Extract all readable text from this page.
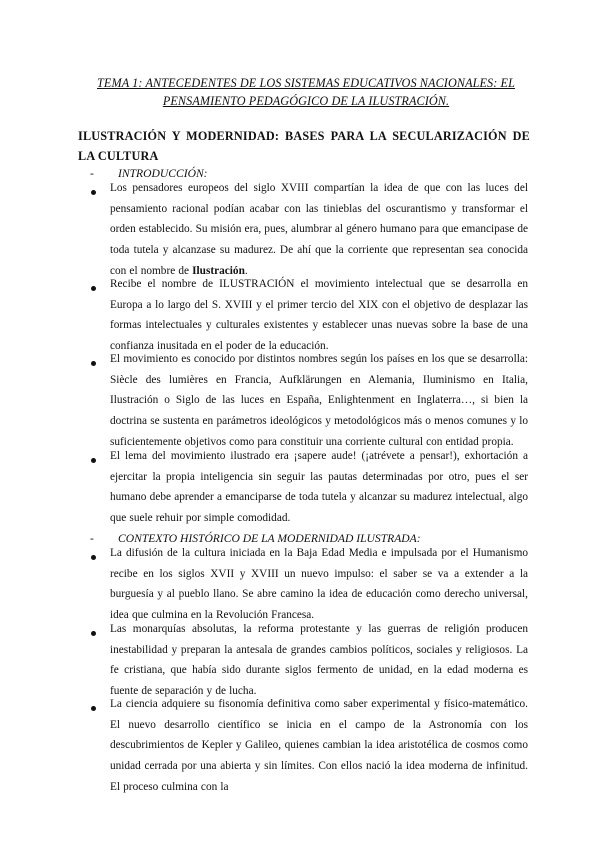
TEMA 1: ANTECEDENTES DE LOS SISTEMAS EDUCATIVOS NACIONALES: EL PENSAMIENTO PEDAGÓGICO DE LA ILUSTRACIÓN.
ILUSTRACIÓN Y MODERNIDAD: BASES PARA LA SECULARIZACIÓN DE LA CULTURA
- INTRODUCCIÓN:

Los pensadores europeos del siglo XVIII compartían la idea de que con las luces del pensamiento racional podían acabar con las tinieblas del oscurantismo y transformar el orden establecido. Su misión era, pues, alumbrar al género humano para que emancipase de toda tutela y alcanzase su madurez. De ahí que la corriente que representan sea conocida con el nombre de Ilustración.

Recibe el nombre de ILUSTRACIÓN el movimiento intelectual que se desarrolla en Europa a lo largo del S. XVIII y el primer tercio del XIX con el objetivo de desplazar las formas intelectuales y culturales existentes y establecer unas nuevas sobre la base de una confianza inusitada en el poder de la educación.

El movimiento es conocido por distintos nombres según los países en los que se desarrolla: Siècle des lumières en Francia, Aufklärungen en Alemania, Iluminismo en Italia, Ilustración o Siglo de las luces en España, Enlightenment en Inglaterra…, si bien la doctrina se sustenta en parámetros ideológicos y metodológicos más o menos comunes y lo suficientemente objetivos como para constituir una corriente cultural con entidad propia.

El lema del movimiento ilustrado era ¡sapere aude! (¡atrévete a pensar!), exhortación a ejercitar la propia inteligencia sin seguir las pautas determinadas por otro, pues el ser humano debe aprender a emanciparse de toda tutela y alcanzar su madurez intelectual, algo que suele rehuir por simple comodidad.

- CONTEXTO HISTÓRICO DE LA MODERNIDAD ILUSTRADA:

La difusión de la cultura iniciada en la Baja Edad Media e impulsada por el Humanismo recibe en los siglos XVII y XVIII un nuevo impulso: el saber se va a extender a la burguesía y al pueblo llano. Se abre camino la idea de educación como derecho universal, idea que culmina en la Revolución Francesa.

Las monarquías absolutas, la reforma protestante y las guerras de religión producen inestabilidad y preparan la antesala de grandes cambios políticos, sociales y religiosos. La fe cristiana, que había sido durante siglos fermento de unidad, en la edad moderna es fuente de separación y de lucha.

La ciencia adquiere su fisonomía definitiva como saber experimental y físico-matemático. El nuevo desarrollo científico se inicia en el campo de la Astronomía con los descubrimientos de Kepler y Galileo, quienes cambian la idea aristotélica de cosmos como unidad cerrada por una abierta y sin límites. Con ellos nació la idea moderna de infinitud. El proceso culmina con la
